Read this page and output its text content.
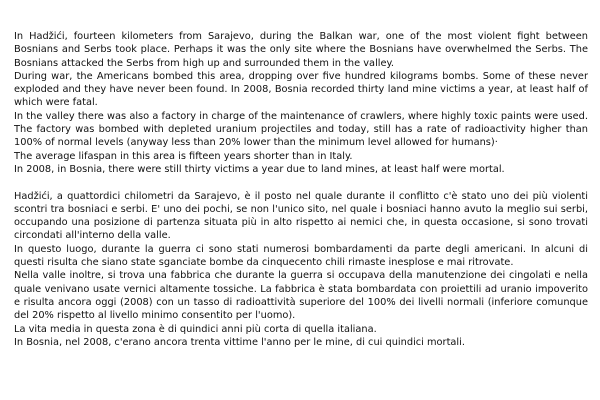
In Hadžići, fourteen kilometers from Sarajevo, during the Balkan war, one of the most violent fight between Bosnians and Serbs took place. Perhaps it was the only site where the Bosnians have overwhelmed the Serbs. The Bosnians attacked the Serbs from high up and surrounded them in the valley.

During war, the Americans bombed this area, dropping over five hundred kilograms bombs. Some of these never exploded and they have never been found. In 2008, Bosnia recorded thirty land mine victims a year, at least half of which were fatal.

In the valley there was also a factory in charge of the maintenance of crawlers, where highly toxic paints were used. The factory was bombed with depleted uranium projectiles and today, still has a rate of radioactivity higher than 100% of normal levels (anyway less than 20% lower than the minimum level allowed for humans)·

The average lifaspan in this area is fifteen years shorter than in Italy.

In 2008, in Bosnia, there were still thirty victims a year due to land mines, at least half were mortal.

Hadžići, a quattordici chilometri da Sarajevo, è il posto nel quale durante il conflitto c'è stato uno dei più violenti scontri tra bosniaci e serbi. E' uno dei pochi, se non l'unico sito, nel quale i bosniaci hanno avuto la meglio sui serbi, occupando una posizione di partenza situata più in alto rispetto ai nemici che, in questa occasione, si sono trovati circondati all'interno della valle.

In questo luogo, durante la guerra ci sono stati numerosi bombardamenti da parte degli americani. In alcuni di questi risulta che siano state sganciate bombe da cinquecento chili rimaste inesplose e mai ritrovate.

Nella valle inoltre, si trova una fabbrica che durante la guerra si occupava della manutenzione dei cingolati e nella quale venivano usate vernici altamente tossiche. La fabbrica è stata bombardata con proiettili ad uranio impoverito e risulta ancora oggi (2008) con un tasso di radioattività superiore del 100% dei livelli normali (inferiore comunque del 20% rispetto al livello minimo consentito per l'uomo).

La vita media in questa zona è di quindici anni più corta di quella italiana.

In Bosnia, nel 2008, c'erano ancora trenta vittime l'anno per le mine, di cui quindici mortali.
